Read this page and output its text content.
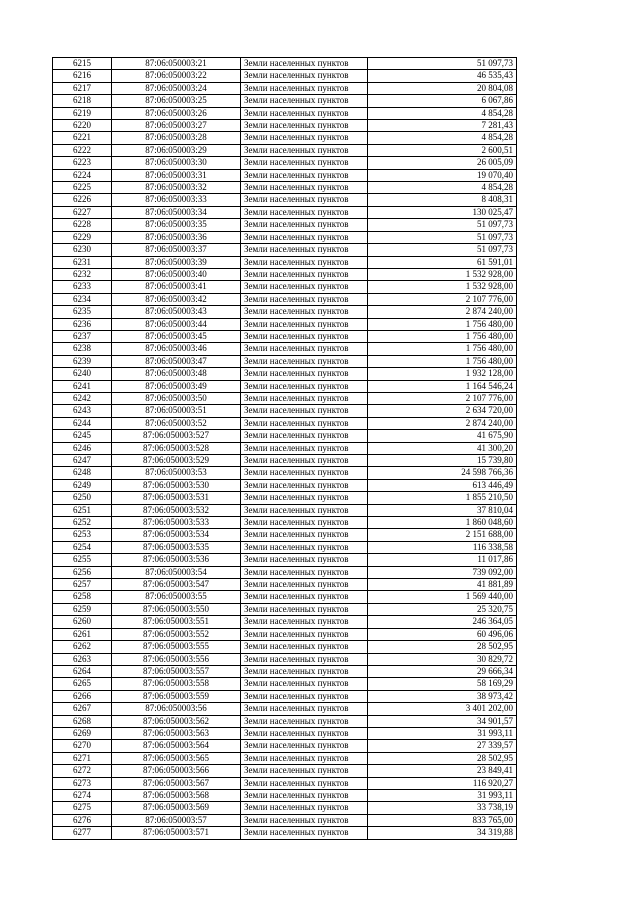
6215	87:06:050003:21	Земли населенных пунктов	51 097,73
6216	87:06:050003:22	Земли населенных пунктов	46 535,43
6217	87:06:050003:24	Земли населенных пунктов	20 804,08
6218	87:06:050003:25	Земли населенных пунктов	6 067,86
6219	87:06:050003:26	Земли населенных пунктов	4 854,28
6220	87:06:050003:27	Земли населенных пунктов	7 281,43
6221	87:06:050003:28	Земли населенных пунктов	4 854,28
6222	87:06:050003:29	Земли населенных пунктов	2 600,51
6223	87:06:050003:30	Земли населенных пунктов	26 005,09
6224	87:06:050003:31	Земли населенных пунктов	19 070,40
6225	87:06:050003:32	Земли населенных пунктов	4 854,28
6226	87:06:050003:33	Земли населенных пунктов	8 408,31
6227	87:06:050003:34	Земли населенных пунктов	130 025,47
6228	87:06:050003:35	Земли населенных пунктов	51 097,73
6229	87:06:050003:36	Земли населенных пунктов	51 097,73
6230	87:06:050003:37	Земли населенных пунктов	51 097,73
6231	87:06:050003:39	Земли населенных пунктов	61 591,01
6232	87:06:050003:40	Земли населенных пунктов	1 532 928,00
6233	87:06:050003:41	Земли населенных пунктов	1 532 928,00
6234	87:06:050003:42	Земли населенных пунктов	2 107 776,00
6235	87:06:050003:43	Земли населенных пунктов	2 874 240,00
6236	87:06:050003:44	Земли населенных пунктов	1 756 480,00
6237	87:06:050003:45	Земли населенных пунктов	1 756 480,00
6238	87:06:050003:46	Земли населенных пунктов	1 756 480,00
6239	87:06:050003:47	Земли населенных пунктов	1 756 480,00
6240	87:06:050003:48	Земли населенных пунктов	1 932 128,00
6241	87:06:050003:49	Земли населенных пунктов	1 164 546,24
6242	87:06:050003:50	Земли населенных пунктов	2 107 776,00
6243	87:06:050003:51	Земли населенных пунктов	2 634 720,00
6244	87:06:050003:52	Земли населенных пунктов	2 874 240,00
6245	87:06:050003:527	Земли населенных пунктов	41 675,90
6246	87:06:050003:528	Земли населенных пунктов	41 300,20
6247	87:06:050003:529	Земли населенных пунктов	15 739,80
6248	87:06:050003:53	Земли населенных пунктов	24 598 766,36
6249	87:06:050003:530	Земли населенных пунктов	613 446,49
6250	87:06:050003:531	Земли населенных пунктов	1 855 210,50
6251	87:06:050003:532	Земли населенных пунктов	37 810,04
6252	87:06:050003:533	Земли населенных пунктов	1 860 048,60
6253	87:06:050003:534	Земли населенных пунктов	2 151 688,00
6254	87:06:050003:535	Земли населенных пунктов	116 338,58
6255	87:06:050003:536	Земли населенных пунктов	11 017,86
6256	87:06:050003:54	Земли населенных пунктов	739 092,00
6257	87:06:050003:547	Земли населенных пунктов	41 881,89
6258	87:06:050003:55	Земли населенных пунктов	1 569 440,00
6259	87:06:050003:550	Земли населенных пунктов	25 320,75
6260	87:06:050003:551	Земли населенных пунктов	246 364,05
6261	87:06:050003:552	Земли населенных пунктов	60 496,06
6262	87:06:050003:555	Земли населенных пунктов	28 502,95
6263	87:06:050003:556	Земли населенных пунктов	30 829,72
6264	87:06:050003:557	Земли населенных пунктов	29 666,34
6265	87:06:050003:558	Земли населенных пунктов	58 169,29
6266	87:06:050003:559	Земли населенных пунктов	38 973,42
6267	87:06:050003:56	Земли населенных пунктов	3 401 202,00
6268	87:06:050003:562	Земли населенных пунктов	34 901,57
6269	87:06:050003:563	Земли населенных пунктов	31 993,11
6270	87:06:050003:564	Земли населенных пунктов	27 339,57
6271	87:06:050003:565	Земли населенных пунктов	28 502,95
6272	87:06:050003:566	Земли населенных пунктов	23 849,41
6273	87:06:050003:567	Земли населенных пунктов	116 920,27
6274	87:06:050003:568	Земли населенных пунктов	31 993,11
6275	87:06:050003:569	Земли населенных пунктов	33 738,19
6276	87:06:050003:57	Земли населенных пунктов	833 765,00
6277	87:06:050003:571	Земли населенных пунктов	34 319,88
